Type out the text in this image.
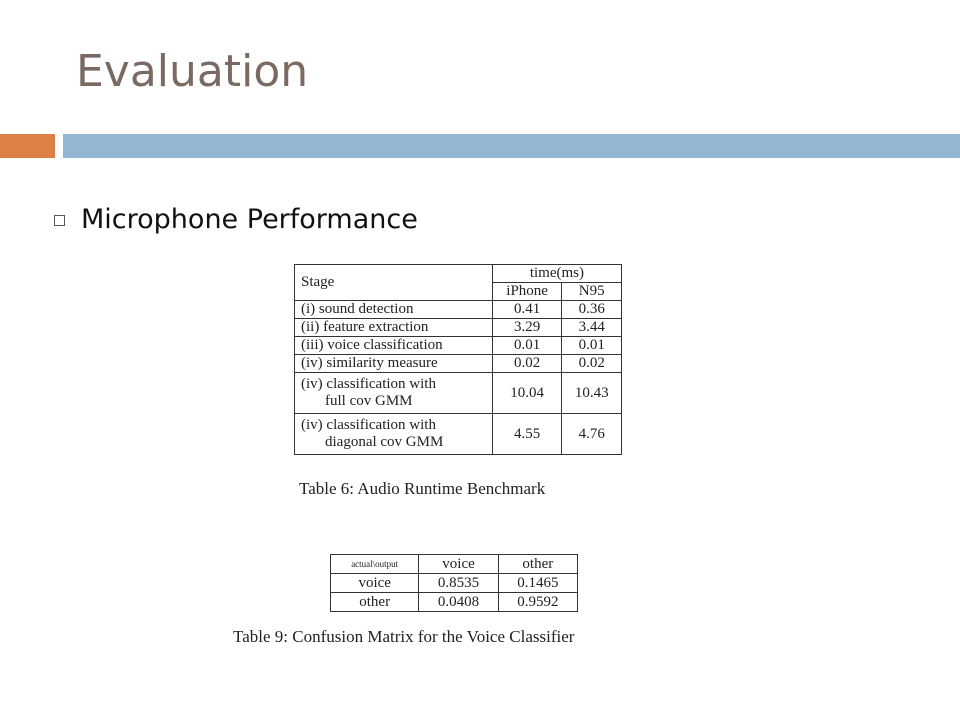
Evaluation
Microphone Performance
Stage	time(ms)	
	iPhone	N95
(i) sound detection	0.41	0.36
(ii) feature extraction	3.29	3.44
(iii) voice classification	0.01	0.01
(iv) similarity measure	0.02	0.02
(iv) classification with
full cov GMM	10.04	10.43
(iv) classification with
diagonal cov GMM	4.55	4.76
Table 6: Audio Runtime Benchmark
actual\output	voice	other
voice	0.8535	0.1465
other	0.0408	0.9592
Table 9: Confusion Matrix for the Voice Classifier
